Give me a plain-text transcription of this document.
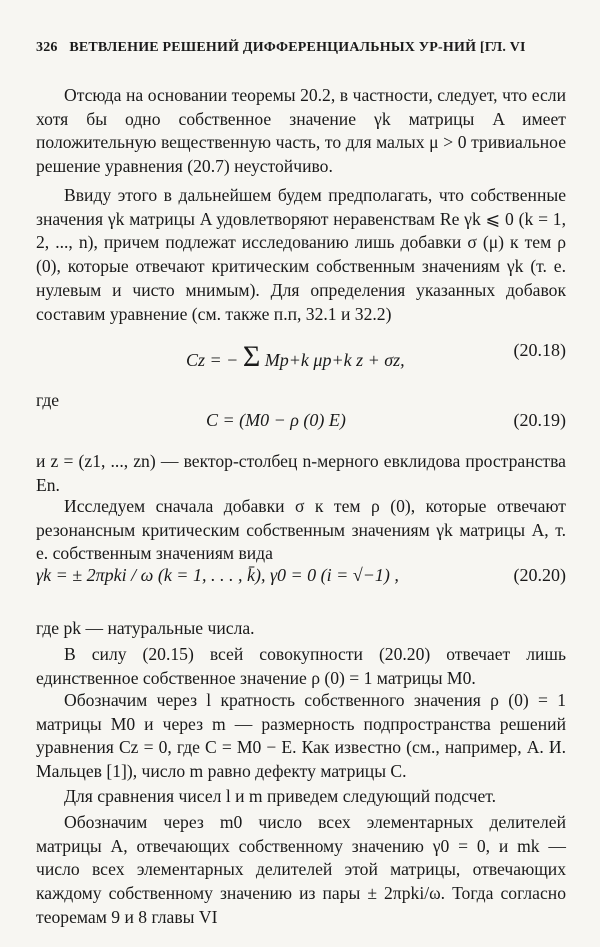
326 ВЕТВЛЕНИЕ РЕШЕНИЙ ДИФФЕРЕНЦИАЛЬНЫХ УР-НИЙ [ГЛ. VI
Отсюда на основании теоремы 20.2, в частности, следует, что если хотя бы одно собственное значение γk матрицы A имеет положительную вещественную часть, то для малых μ > 0 тривиальное решение уравнения (20.7) неустойчиво.
Ввиду этого в дальнейшем будем предполагать, что собственные значения γk матрицы A удовлетворяют неравенствам Re γk ⩽ 0 (k = 1, 2, ..., n), причем подлежат исследованию лишь добавки σ (μ) к тем ρ (0), которые отвечают критическим собственным значениям γk (т. е. нулевым и чисто мнимым). Для определения указанных добавок составим уравнение (см. также п.п, 32.1 и 32.2)
Cz = − Σ Mp+k μp+k z + σz,	(20.18)
где
C = (M0 − ρ (0) E)	(20.19)
и z = (z1, ..., zn) — вектор-столбец n-мерного евклидова пространства En.
Исследуем сначала добавки σ к тем ρ (0), которые отвечают резонансным критическим собственным значениям γk матрицы A, т. е. собственным значениям вида
γk = ± 2πpki / ω (k = 1, . . . , k̄), γ0 = 0 (i = √−1) ,	(20.20)
где pk — натуральные числа.
В силу (20.15) всей совокупности (20.20) отвечает лишь единственное собственное значение ρ (0) = 1 матрицы M0.
Обозначим через l кратность собственного значения ρ (0) = 1 матрицы M0 и через m — размерность подпространства решений уравнения Cz = 0, где C = M0 − E. Как известно (см., например, А. И. Мальцев [1]), число m равно дефекту матрицы C.
Для сравнения чисел l и m приведем следующий подсчет.
Обозначим через m0 число всех элементарных делителей матрицы A, отвечающих собственному значению γ0 = 0, и mk — число всех элементарных делителей этой матрицы, отвечающих каждому собственному значению из пары ± 2πpki/ω. Тогда согласно теоремам 9 и 8 главы VI
